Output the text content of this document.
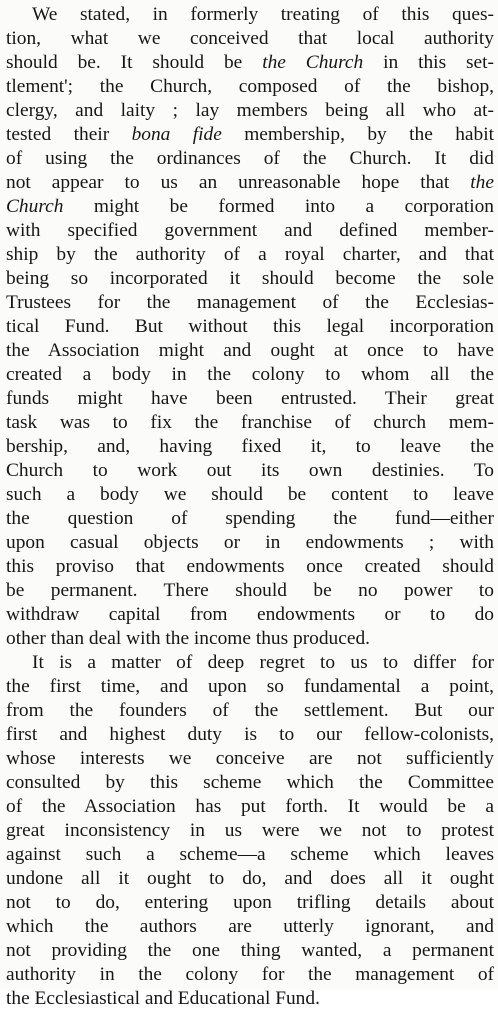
We stated, in formerly treating of this ques-
tion, what we conceived that local authority
should be. It should be the Church in this set-
tlement'; the Church, composed of the bishop,
clergy, and laity ; lay members being all who at-
tested their bona fide membership, by the habit
of using the ordinances of the Church. It did
not appear to us an unreasonable hope that the
Church might be formed into a corporation
with specified government and defined member-
ship by the authority of a royal charter, and that
being so incorporated it should become the sole
Trustees for the management of the Ecclesias-
tical Fund. But without this legal incorporation
the Association might and ought at once to have
created a body in the colony to whom all the
funds might have been entrusted. Their great
task was to fix the franchise of church mem-
bership, and, having fixed it, to leave the
Church to work out its own destinies. To
such a body we should be content to leave
the question of spending the fund—either
upon casual objects or in endowments ; with
this proviso that endowments once created should
be permanent. There should be no power to
withdraw capital from endowments or to do
other than deal with the income thus produced.
It is a matter of deep regret to us to differ for
the first time, and upon so fundamental a point,
from the founders of the settlement. But our
first and highest duty is to our fellow-colonists,
whose interests we conceive are not sufficiently
consulted by this scheme which the Committee
of the Association has put forth. It would be a
great inconsistency in us were we not to protest
against such a scheme—a scheme which leaves
undone all it ought to do, and does all it ought
not to do, entering upon trifling details about
which the authors are utterly ignorant, and
not providing the one thing wanted, a permanent
authority in the colony for the management of
the Ecclesiastical and Educational Fund.
